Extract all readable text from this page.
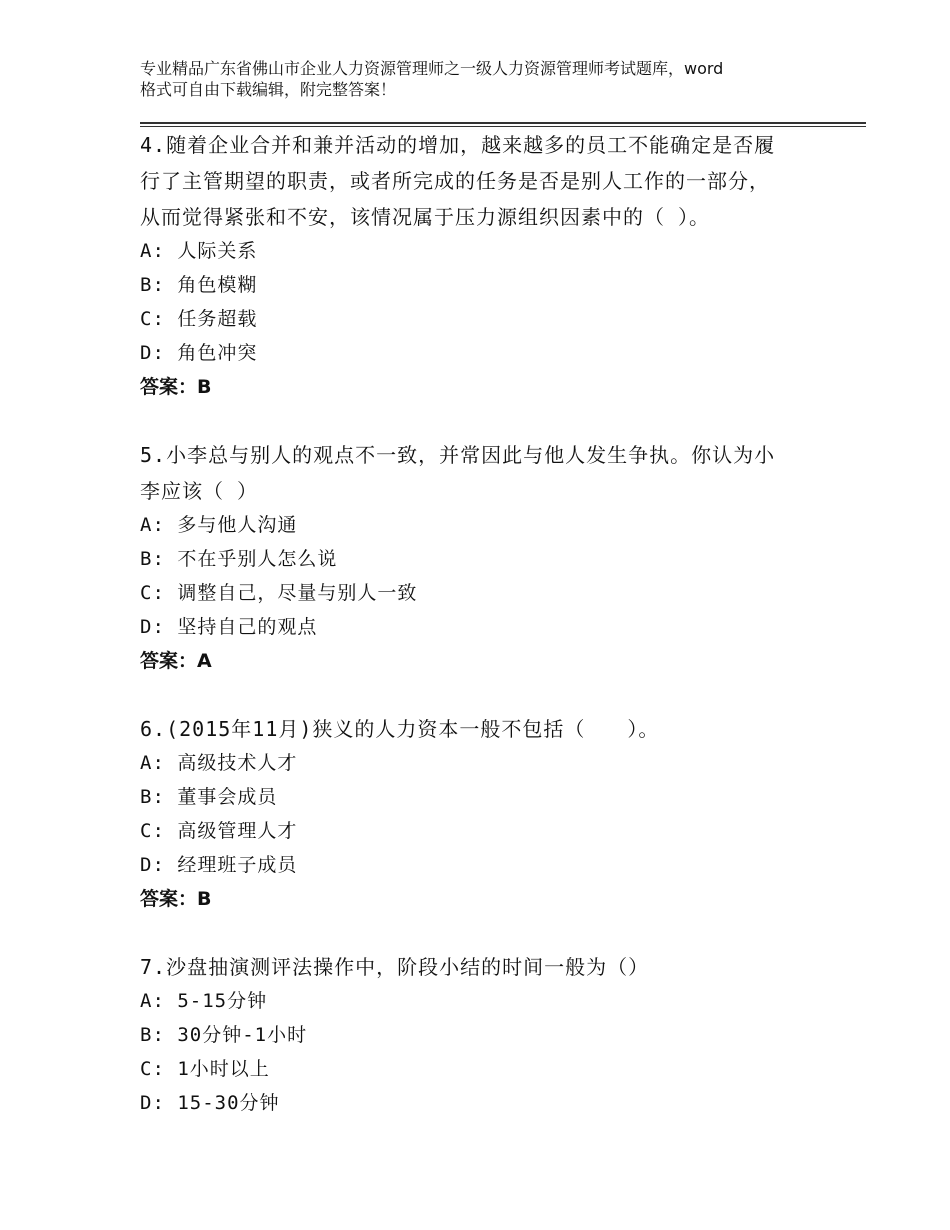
专业精品广东省佛山市企业人力资源管理师之一级人力资源管理师考试题库，word
格式可自由下载编辑，附完整答案！

4.随着企业合并和兼并活动的增加，越来越多的员工不能确定是否履

行了主管期望的职责，或者所完成的任务是否是别人工作的一部分，

从而觉得紧张和不安，该情况属于压力源组织因素中的（ ）。

A: 人际关系

B: 角色模糊

C: 任务超载

D: 角色冲突

答案：B

5.小李总与别人的观点不一致，并常因此与他人发生争执。你认为小

李应该（ ）

A: 多与他人沟通

B: 不在乎别人怎么说

C: 调整自己，尽量与别人一致

D: 坚持自己的观点

答案：A

6.(2015年11月)狭义的人力资本一般不包括（　　）。

A: 高级技术人才

B: 董事会成员

C: 高级管理人才

D: 经理班子成员

答案：B

7.沙盘抽演测评法操作中，阶段小结的时间一般为（）

A: 5-15分钟

B: 30分钟-1小时

C: 1小时以上

D: 15-30分钟
